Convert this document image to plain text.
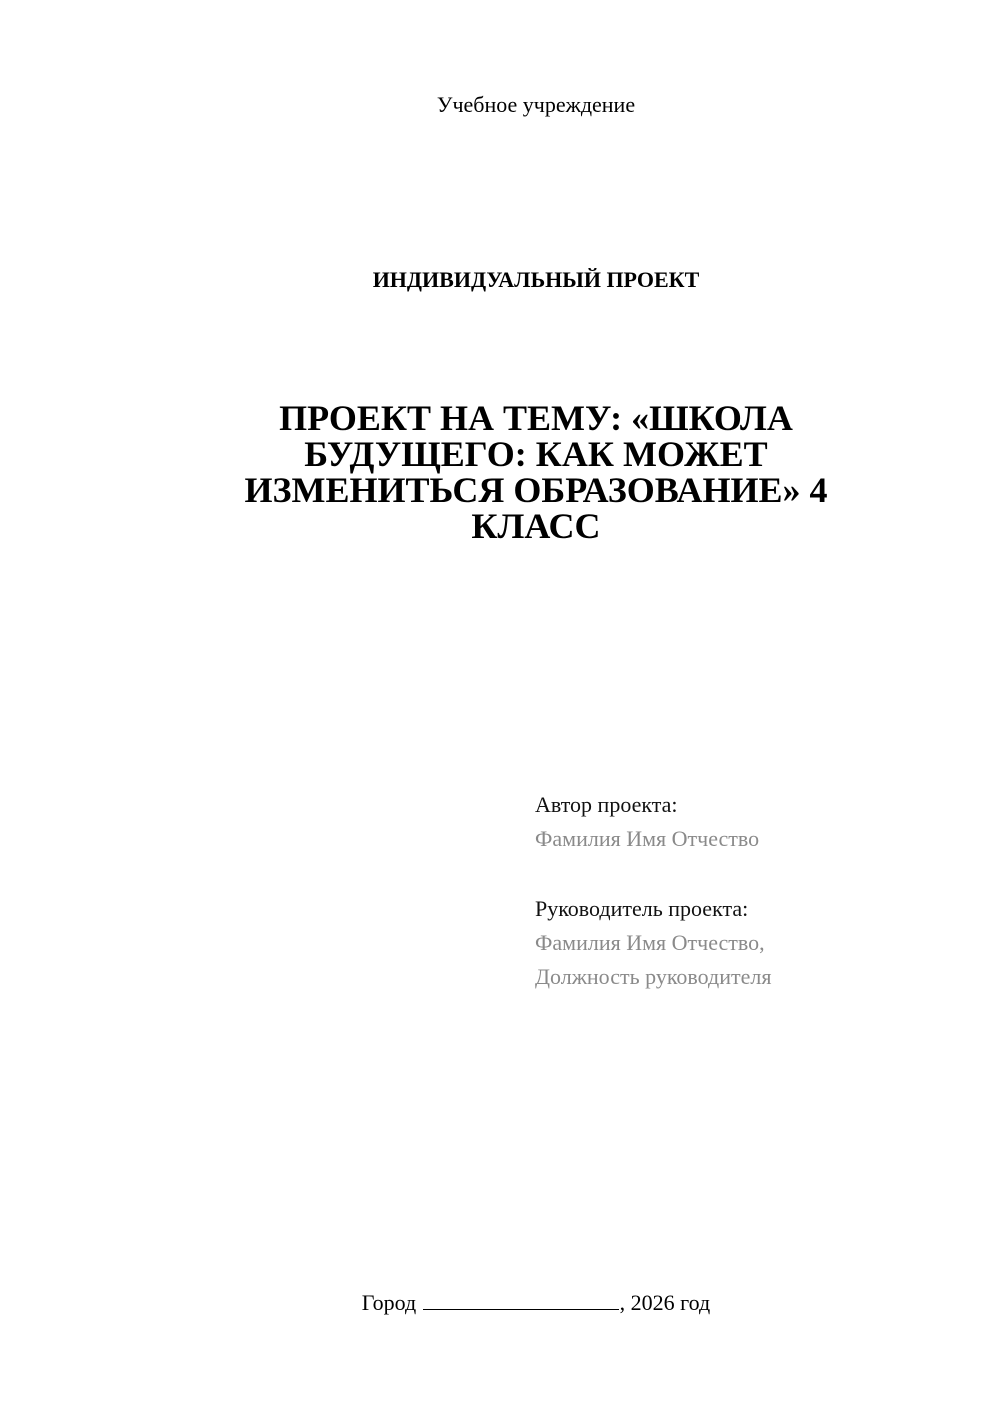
Учебное учреждение
ИНДИВИДУАЛЬНЫЙ ПРОЕКТ
ПРОЕКТ НА ТЕМУ: «ШКОЛА
БУДУЩЕГО: КАК МОЖЕТ
ИЗМЕНИТЬСЯ ОБРАЗОВАНИЕ» 4
КЛАСС
Автор проекта:
Фамилия Имя Отчество
Руководитель проекта:
Фамилия Имя Отчество,
Должность руководителя
Город	, 2026 год
